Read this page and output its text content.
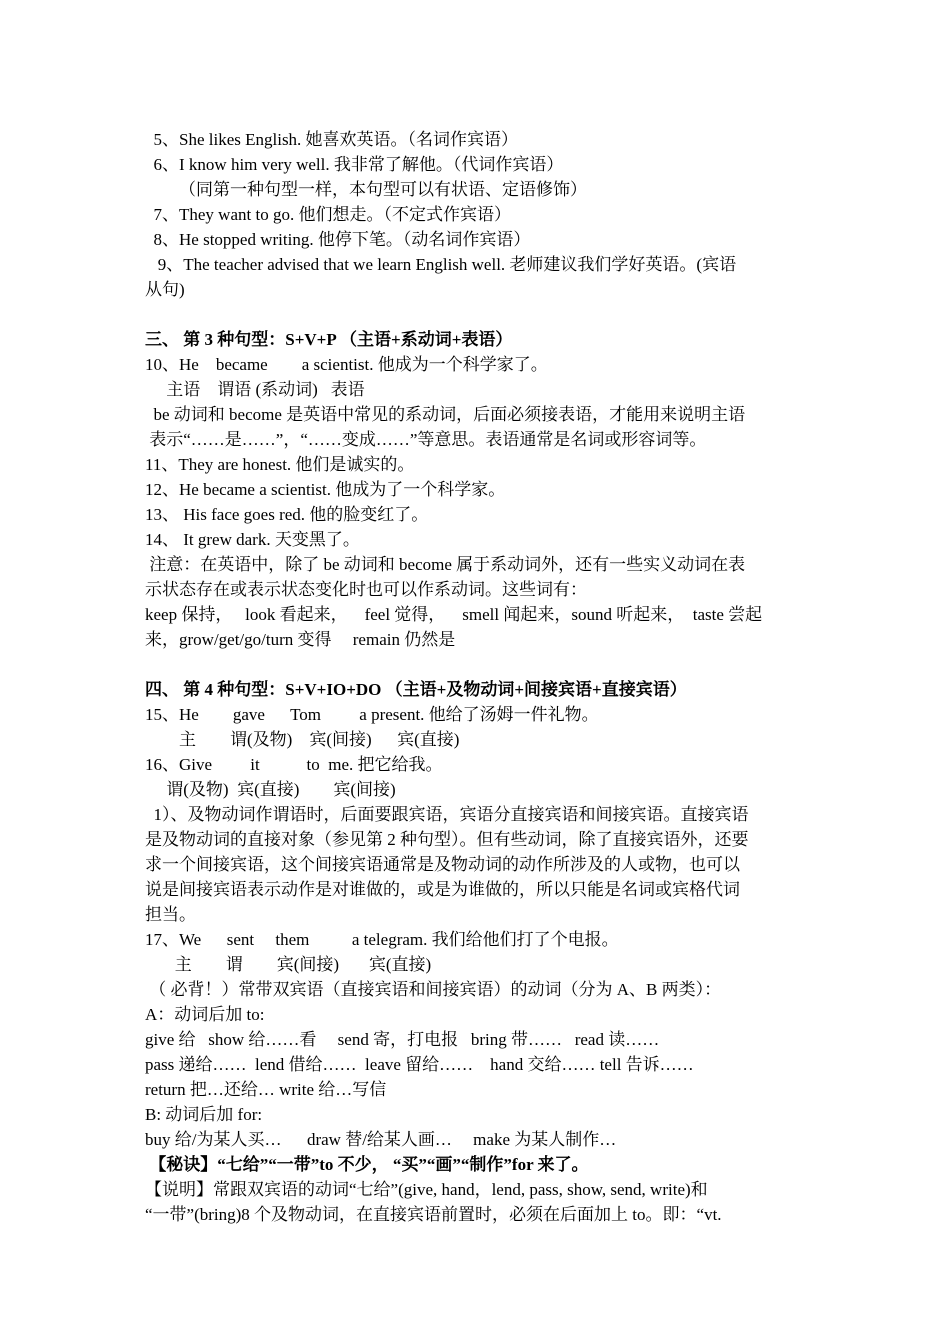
5、She likes English. 她喜欢英语。（名词作宾语）
6、I know him very well. 我非常了解他。（代词作宾语）
（同第一种句型一样，本句型可以有状语、定语修饰）
7、They want to go. 他们想走。（不定式作宾语）
8、He stopped writing. 他停下笔。（动名词作宾语）
9、The teacher advised that we learn English well. 老师建议我们学好英语。(宾语
从句)
三、 第 3 种句型：S+V+P （主语+系动词+表语）
10、He    became        a scientist. 他成为一个科学家了。
主语    谓语 (系动词)   表语
be 动词和 become 是英语中常见的系动词，后面必须接表语，才能用来说明主语
表示“……是……”，“……变成……”等意思。表语通常是名词或形容词等。
11、They are honest. 他们是诚实的。
12、He became a scientist. 他成为了一个科学家。
13、 His face goes red. 他的脸变红了。
14、 It grew dark. 天变黑了。
注意：在英语中，除了 be 动词和 become 属于系动词外，还有一些实义动词在表
示状态存在或表示状态变化时也可以作系动词。这些词有：
keep 保持，   look 看起来，    feel 觉得，    smell 闻起来，sound 听起来，  taste 尝起
来，grow/get/go/turn 变得     remain 仍然是
四、 第 4 种句型：S+V+IO+DO （主语+及物动词+间接宾语+直接宾语）
15、He        gave      Tom         a present. 他给了汤姆一件礼物。
主        谓(及物)    宾(间接)      宾(直接)
16、Give         it           to  me. 把它给我。
谓(及物)  宾(直接)        宾(间接)
1）、及物动词作谓语时，后面要跟宾语，宾语分直接宾语和间接宾语。直接宾语
是及物动词的直接对象（参见第 2 种句型）。但有些动词，除了直接宾语外，还要
求一个间接宾语，这个间接宾语通常是及物动词的动作所涉及的人或物，也可以
说是间接宾语表示动作是对谁做的，或是为谁做的，所以只能是名词或宾格代词
担当。
17、We      sent     them          a telegram. 我们给他们打了个电报。
主        谓        宾(间接)       宾(直接)
（ 必背！）常带双宾语（直接宾语和间接宾语）的动词（分为 A、B 两类）：
A：动词后加 to:
give 给   show 给……看     send 寄，打电报   bring 带……   read 读……
pass 递给……  lend 借给……  leave 留给……    hand 交给…… tell 告诉……
return 把…还给… write 给…写信
B: 动词后加 for:
buy 给/为某人买…      draw 替/给某人画…     make 为某人制作…
【秘诀】“七给”“一带”to 不少， “买”“画”“制作”for 来了。
【说明】常跟双宾语的动词“七给”(give, hand，lend, pass, show, send, write)和
“一带”(bring)8 个及物动词，在直接宾语前置时，必须在后面加上 to。即：“vt.
